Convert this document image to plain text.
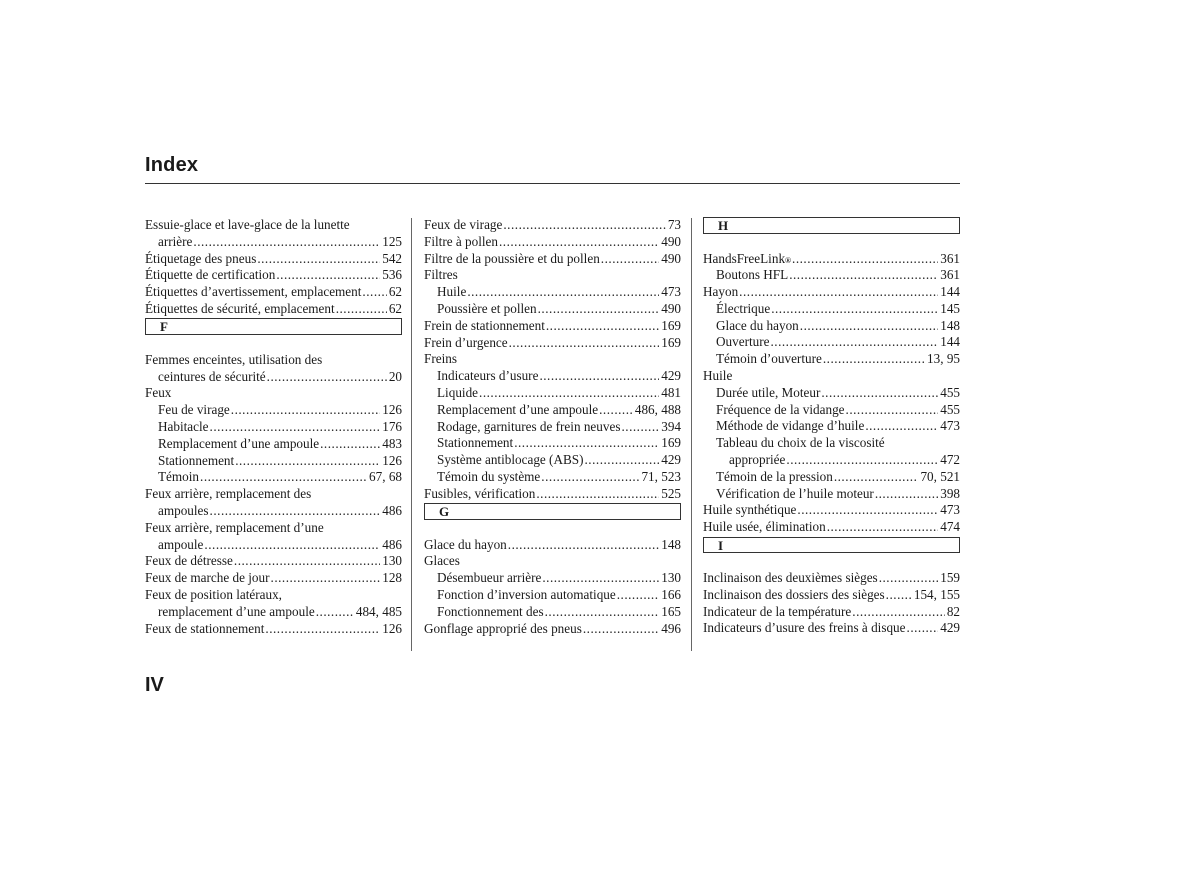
Index
Essuie-glace et lave-glace de la lunette
arrière .....	125
Étiquetage des pneus .....	542
Étiquette de certification .....	536
Étiquettes d’avertissement, emplacement ..... 62
Étiquettes de sécurité, emplacement .....	62
F
Femmes enceintes, utilisation des
ceintures de sécurité .....	20
Feux
Feu de virage .....	126
Habitacle .....	176
Remplacement d’une ampoule .....	483
Stationnement .....	126
Témoin .....	67, 68
Feux arrière, remplacement des
ampoules .....	486
Feux arrière, remplacement d’une
ampoule .....	486
Feux de détresse .....	130
Feux de marche de jour .....	128
Feux de position latéraux,
remplacement d’une ampoule .....	484, 485
Feux de stationnement .....	126
Feux de virage .....	73
Filtre à pollen .....	490
Filtre de la poussière et du pollen .....	490
Filtres
Huile .....	473
Poussière et pollen .....	490
Frein de stationnement .....	169
Frein d’urgence .....	169
Freins
Indicateurs d’usure .....	429
Liquide .....	481
Remplacement d’une ampoule .....	486, 488
Rodage, garnitures de frein neuves .....	394
Stationnement .....	169
Système antiblocage (ABS) .....	429
Témoin du système .....	71, 523
Fusibles, vérification .....	525
G
Glace du hayon .....	148
Glaces
Désembueur arrière .....	130
Fonction d’inversion automatique .....	166
Fonctionnement des .....	165
Gonflage approprié des pneus .....	496
H
HandsFreeLink ® .....	361
Boutons HFL .....	361
Hayon .....	144
Électrique .....	145
Glace du hayon .....	148
Ouverture .....	144
Témoin d’ouverture .....	13, 95
Huile
Durée utile, Moteur .....	455
Fréquence de la vidange .....	455
Méthode de vidange d’huile .....	473
Tableau du choix de la viscosité
appropriée .....	472
Témoin de la pression .....	70, 521
Vérification de l’huile moteur .....	398
Huile synthétique .....	473
Huile usée, élimination .....	474
I
Inclinaison des deuxièmes sièges .....	159
Inclinaison des dossiers des sièges ..... 154, 155
Indicateur de la température .....	82
Indicateurs d’usure des freins à disque .....	429
IV
